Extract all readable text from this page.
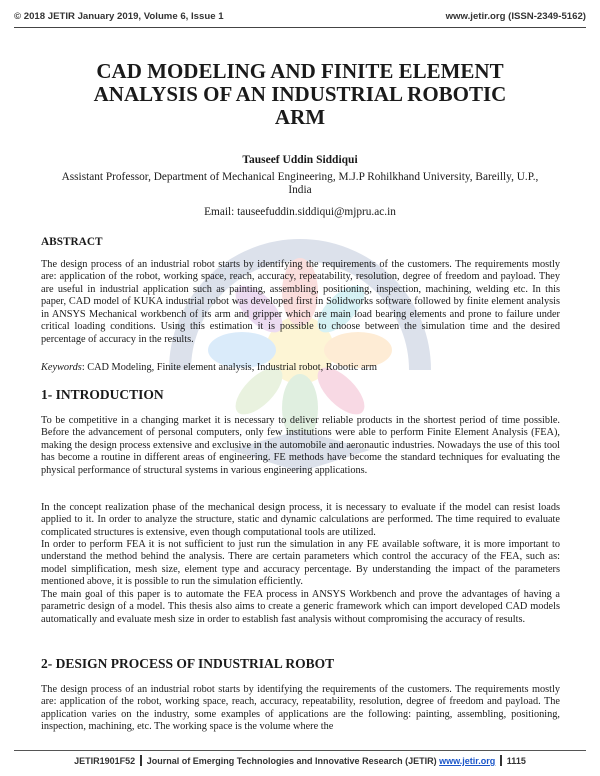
© 2018 JETIR January 2019, Volume 6, Issue 1	www.jetir.org (ISSN-2349-5162)
CAD MODELING AND FINITE ELEMENT
ANALYSIS OF AN INDUSTRIAL ROBOTIC
ARM
Tauseef Uddin Siddiqui
Assistant Professor, Department of Mechanical Engineering, M.J.P Rohilkhand University, Bareilly, U.P.,
India
Email: tauseefuddin.siddiqui@mjpru.ac.in
ABSTRACT

The design process of an industrial robot starts by identifying the requirements of the customers. The requirements mostly are: application of the robot, working space, reach, accuracy, repeatability, resolution, degree of freedom and payload. They are useful in industrial application such as painting, assembling, positioning, inspection, machining, welding etc. In this paper, CAD model of KUKA industrial robot was developed first in Solidworks software followed by finite element analysis in ANSYS Mechanical workbench of its arm and gripper which are main load bearing elements and prone to failure under critical loading conditions. Using this estimation it is possible to choose between the simulation time and the desired percentage of accuracy in the results.

Keywords: CAD Modeling, Finite element analysis, Industrial robot, Robotic arm
1- INTRODUCTION

To be competitive in a changing market it is necessary to deliver reliable products in the shortest period of time possible. Before the advancement of personal computers, only few institutions were able to perform Finite Element Analysis (FEA), making the design process extensive and exclusive in the automobile and aeronautic industries. Nowadays the use of this tool has become a routine in different areas of engineering. FE methods have become the standard techniques for evaluating the physical performance of structural systems in various engineering applications.

In the concept realization phase of the mechanical design process, it is necessary to evaluate if the model can resist loads applied to it. In order to analyze the structure, static and dynamic calculations are performed. The time required to evaluate complicated structures is extensive, even though computational tools are utilized.

In order to perform FEA it is not sufficient to just run the simulation in any FE available software, it is more important to understand the method behind the analysis. There are certain parameters which control the accuracy of the FEA, such as: model simplification, mesh size, element type and accuracy percentage. By understanding the impact of the parameters mentioned above, it is possible to run the simulation efficiently.

The main goal of this paper is to automate the FEA process in ANSYS Workbench and prove the advantages of having a parametric design of a model. This thesis also aims to create a generic framework which can import developed CAD models automatically and evaluate mesh size in order to establish fast analysis without compromising the accuracy of results.

2- DESIGN PROCESS OF INDUSTRIAL ROBOT

The design process of an industrial robot starts by identifying the requirements of the customers. The requirements mostly are: application of the robot, working space, reach, accuracy, repeatability, resolution, degree of freedom and payload. The application varies on the industry, some examples of applications are the following: painting, assembling, positioning, inspection, machining, etc. The working space is the volume where the

JETIR1901F52 Journal of Emerging Technologies and Innovative Research (JETIR) www.jetir.org 1115
